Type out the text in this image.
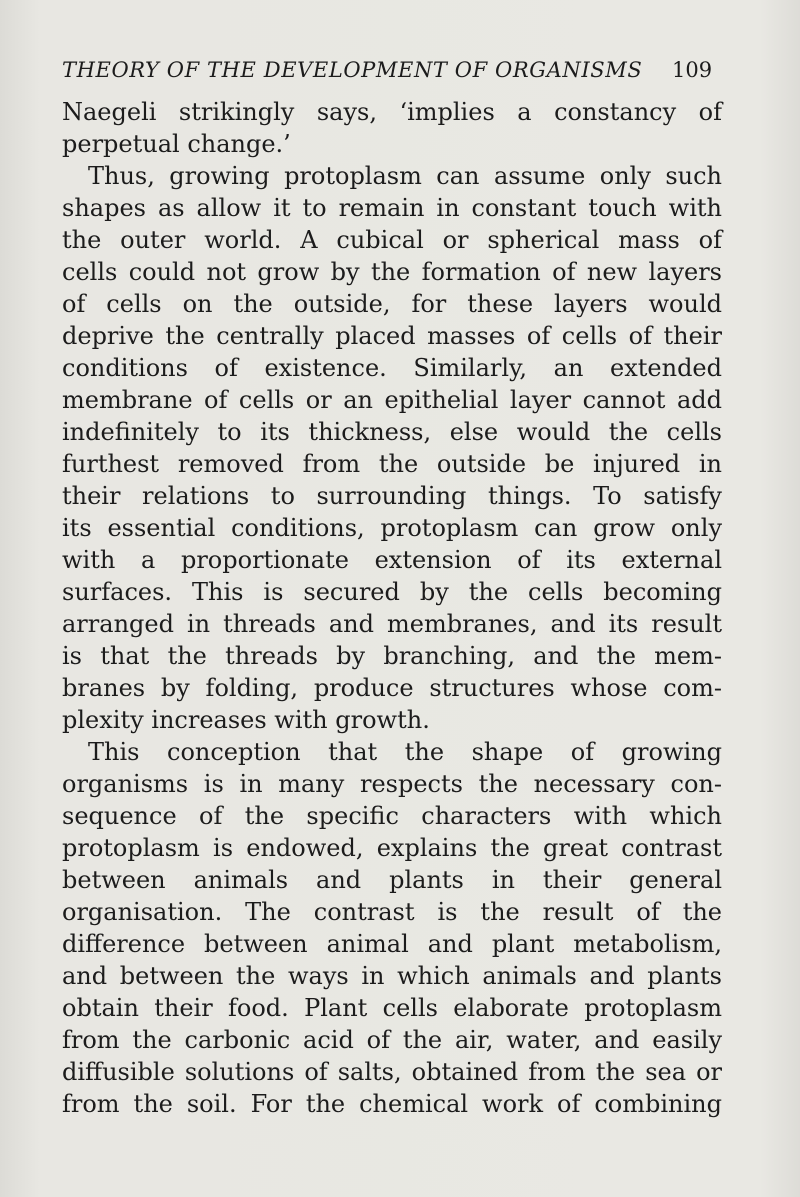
THEORY OF THE DEVELOPMENT OF ORGANISMS 109
Naegeli strikingly says, ‘implies a constancy of
perpetual change.’
Thus, growing protoplasm can assume only such
shapes as allow it to remain in constant touch with
the outer world. A cubical or spherical mass of
cells could not grow by the formation of new layers
of cells on the outside, for these layers would
deprive the centrally placed masses of cells of their
conditions of existence. Similarly, an extended
membrane of cells or an epithelial layer cannot add
indefinitely to its thickness, else would the cells
furthest removed from the outside be injured in
their relations to surrounding things. To satisfy
its essential conditions, protoplasm can grow only
with a proportionate extension of its external
surfaces. This is secured by the cells becoming
arranged in threads and membranes, and its result
is that the threads by branching, and the mem-
branes by folding, produce structures whose com-
plexity increases with growth.
This conception that the shape of growing
organisms is in many respects the necessary con-
sequence of the specific characters with which
protoplasm is endowed, explains the great contrast
between animals and plants in their general
organisation. The contrast is the result of the
difference between animal and plant metabolism,
and between the ways in which animals and plants
obtain their food. Plant cells elaborate protoplasm
from the carbonic acid of the air, water, and easily
diffusible solutions of salts, obtained from the sea or
from the soil. For the chemical work of combining
